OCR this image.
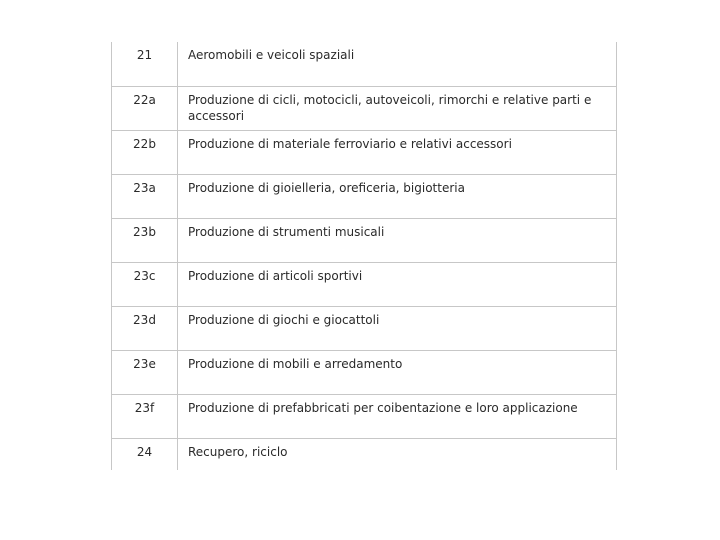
21	Aeromobili e veicoli spaziali
22a	Produzione di cicli, motocicli, autoveicoli, rimorchi e relative parti e accessori
22b	Produzione di materiale ferroviario e relativi accessori
23a	Produzione di gioielleria, oreficeria, bigiotteria
23b	Produzione di strumenti musicali
23c	Produzione di articoli sportivi
23d	Produzione di giochi e giocattoli
23e	Produzione di mobili e arredamento
23f	Produzione di prefabbricati per coibentazione e loro applicazione
24	Recupero, riciclo
